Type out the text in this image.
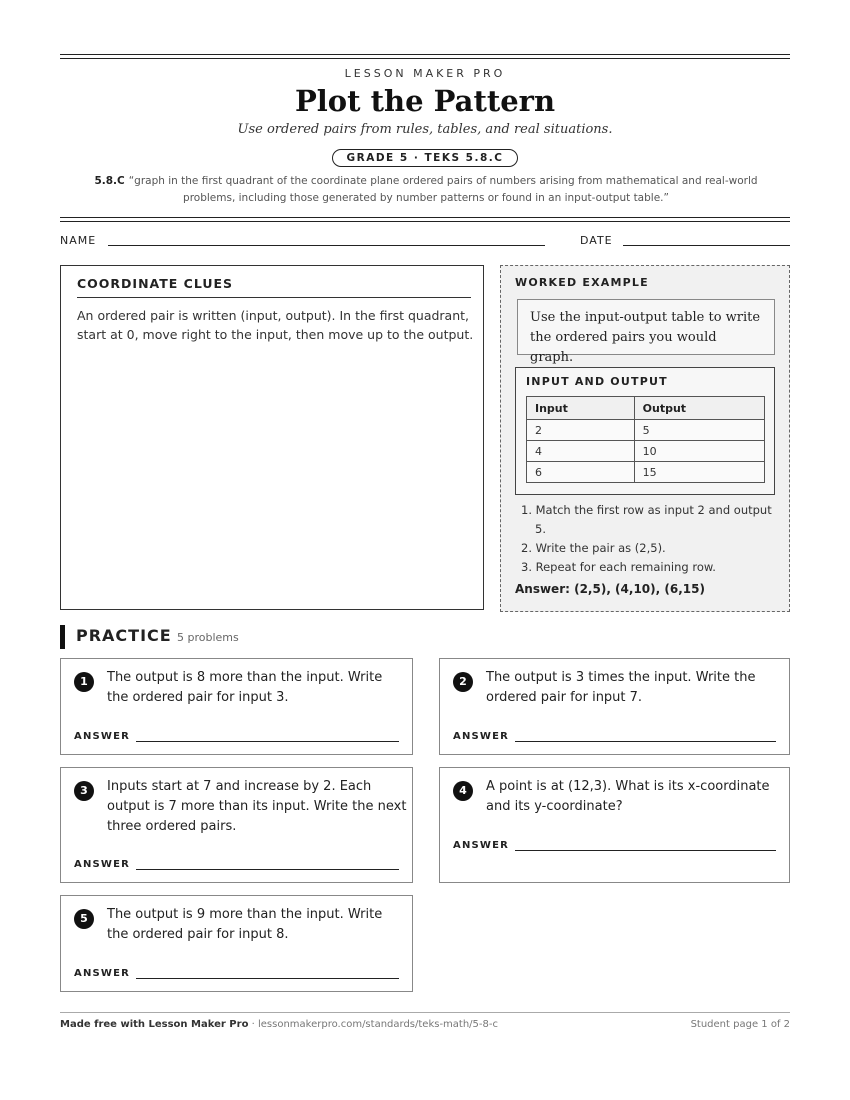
LESSON MAKER PRO
Plot the Pattern
Use ordered pairs from rules, tables, and real situations.
GRADE 5 · TEKS 5.8.C
5.8.C “graph in the first quadrant of the coordinate plane ordered pairs of numbers arising from mathematical and real-world problems, including those generated by number patterns or found in an input-output table.”
NAME	DATE
COORDINATE CLUES
An ordered pair is written (input, output). In the first quadrant, start at 0, move right to the input, then move up to the output.
WORKED EXAMPLE
Use the input-output table to write the ordered pairs you would graph.
INPUT AND OUTPUT
Input	Output
2	5
4	10
6	15
1. Match the first row as input 2 and output 5.
2. Write the pair as (2,5).
3. Repeat for each remaining row.
Answer: (2,5), (4,10), (6,15)
PRACTICE 5 problems
1	The output is 8 more than the input. Write the ordered pair for input 3.
ANSWER
2	The output is 3 times the input. Write the ordered pair for input 7.
ANSWER
3	Inputs start at 7 and increase by 2. Each output is 7 more than its input. Write the next three ordered pairs.
ANSWER
4	A point is at (12,3). What is its x-coordinate and its y-coordinate?
ANSWER
5	The output is 9 more than the input. Write the ordered pair for input 8.
ANSWER
Made free with Lesson Maker Pro · lessonmakerpro.com/standards/teks-math/5-8-c	Student page 1 of 2
